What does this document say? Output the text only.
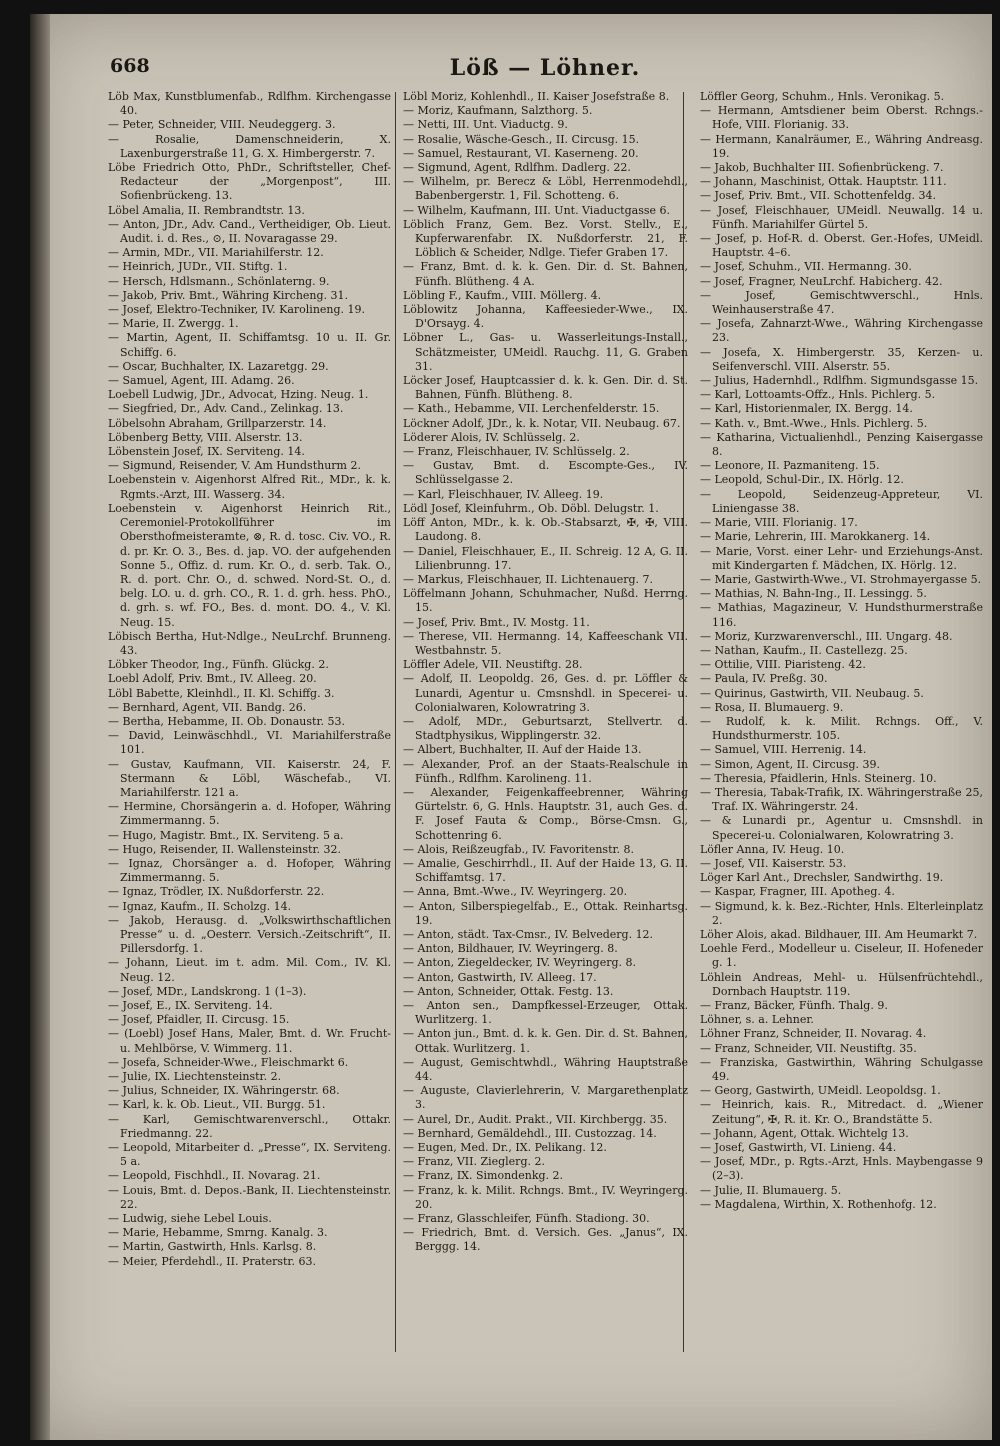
668	Löß — Löhner.

Löb Max, Kunstblumenfab., Rdlfhm. Kirchengasse 40.

— Peter, Schneider, VIII. Neudeggerg. 3.

— Rosalie, Damenschneiderin, X. Laxenburgerstraße 11, G. X. Himbergerstr. 7.

Löbe Friedrich Otto, PhDr., Schriftsteller, Chef-Redacteur der „Morgenpost“, III. Sofienbrückeng. 13.

Löbel Amalia, II. Rembrandtstr. 13.

— Anton, JDr., Adv. Cand., Vertheidiger, Ob. Lieut. Audit. i. d. Res., ⊙, II. Novaragasse 29.

— Armin, MDr., VII. Mariahilferstr. 12.

— Heinrich, JUDr., VII. Stiftg. 1.

— Hersch, Hdlsmann., Schönlaterng. 9.

— Jakob, Priv. Bmt., Währing Kircheng. 31.

— Josef, Elektro-Techniker, IV. Karolineng. 19.

— Marie, II. Zwergg. 1.

— Martin, Agent, II. Schiffamtsg. 10 u. II. Gr. Schiffg. 6.

— Oscar, Buchhalter, IX. Lazaretgg. 29.

— Samuel, Agent, III. Adamg. 26.

Loebell Ludwig, JDr., Advocat, Hzing. Neug. 1.

— Siegfried, Dr., Adv. Cand., Zelinkag. 13.

Löbelsohn Abraham, Grillparzerstr. 14.

Löbenberg Betty, VIII. Alserstr. 13.

Löbenstein Josef, IX. Serviteng. 14.

— Sigmund, Reisender, V. Am Hundsthurm 2.

Loebenstein v. Aigenhorst Alfred Rit., MDr., k. k. Rgmts.-Arzt, III. Wasserg. 34.

Loebenstein v. Aigenhorst Heinrich Rit., Ceremoniel-Protokollführer im Obersthofmeisteramte, ⊗, R. d. tosc. Civ. VO., R. d. pr. Kr. O. 3., Bes. d. jap. VO. der aufgehenden Sonne 5., Offiz. d. rum. Kr. O., d. serb. Tak. O., R. d. port. Chr. O., d. schwed. Nord-St. O., d. belg. LO. u. d. grh. CO., R. 1. d. grh. hess. PhO., d. grh. s. wf. FO., Bes. d. mont. DO. 4., V. Kl. Neug. 15.

Löbisch Bertha, Hut-Ndlge., NeuLrchf. Brunneng. 43.

Löbker Theodor, Ing., Fünfh. Glückg. 2.

Loebl Adolf, Priv. Bmt., IV. Alleeg. 20.

Löbl Babette, Kleinhdl., II. Kl. Schiffg. 3.

— Bernhard, Agent, VII. Bandg. 26.

— Bertha, Hebamme, II. Ob. Donaustr. 53.

— David, Leinwäschhdl., VI. Mariahilferstraße 101.

— Gustav, Kaufmann, VII. Kaiserstr. 24, F. Stermann & Löbl, Wäschefab., VI. Mariahilferstr. 121 a.

— Hermine, Chorsängerin a. d. Hofoper, Währing Zimmermanng. 5.

— Hugo, Magistr. Bmt., IX. Serviteng. 5 a.

— Hugo, Reisender, II. Wallensteinstr. 32.

— Ignaz, Chorsänger a. d. Hofoper, Währing Zimmermanng. 5.

— Ignaz, Trödler, IX. Nußdorferstr. 22.

— Ignaz, Kaufm., II. Scholzg. 14.

— Jakob, Herausg. d. „Volkswirthschaftlichen Presse“ u. d. „Oesterr. Versich.-Zeitschrift“, II. Pillersdorfg. 1.

— Johann, Lieut. im t. adm. Mil. Com., IV. Kl. Neug. 12.

— Josef, MDr., Landskrong. 1 (1–3).

— Josef, E., IX. Serviteng. 14.

— Josef, Pfaidler, II. Circusg. 15.

— (Loebl) Josef Hans, Maler, Bmt. d. Wr. Frucht- u. Mehlbörse, V. Wimmerg. 11.

— Josefa, Schneider-Wwe., Fleischmarkt 6.

— Julie, IX. Liechtensteinstr. 2.

— Julius, Schneider, IX. Währingerstr. 68.

— Karl, k. k. Ob. Lieut., VII. Burgg. 51.

— Karl, Gemischtwarenverschl., Ottakr. Friedmanng. 22.

— Leopold, Mitarbeiter d. „Presse“, IX. Serviteng. 5 a.

— Leopold, Fischhdl., II. Novarag. 21.

— Louis, Bmt. d. Depos.-Bank, II. Liechtensteinstr. 22.

— Ludwig, siehe Lebel Louis.

— Marie, Hebamme, Smrng. Kanalg. 3.

— Martin, Gastwirth, Hnls. Karlsg. 8.

— Meier, Pferdehdl., II. Praterstr. 63.

Löbl Moriz, Kohlenhdl., II. Kaiser Josefstraße 8.

— Moriz, Kaufmann, Salzthorg. 5.

— Netti, III. Unt. Viaductg. 9.

— Rosalie, Wäsche-Gesch., II. Circusg. 15.

— Samuel, Restaurant, VI. Kaserneng. 20.

— Sigmund, Agent, Rdlfhm. Dadlerg. 22.

— Wilhelm, pr. Berecz & Löbl, Herrenmodehdl., Babenbergerstr. 1, Fil. Schotteng. 6.

— Wilhelm, Kaufmann, III. Unt. Viaductgasse 6.

Löblich Franz, Gem. Bez. Vorst. Stellv., E., Kupferwarenfabr. IX. Nußdorferstr. 21, F. Löblich & Scheider, Ndlge. Tiefer Graben 17.

— Franz, Bmt. d. k. k. Gen. Dir. d. St. Bahnen, Fünfh. Blütheng. 4 A.

Löbling F., Kaufm., VIII. Möllerg. 4.

Löblowitz Johanna, Kaffeesieder-Wwe., IX. D'Orsayg. 4.

Löbner L., Gas- u. Wasserleitungs-Install., Schätzmeister, UMeidl. Rauchg. 11, G. Graben 31.

Löcker Josef, Hauptcassier d. k. k. Gen. Dir. d. St. Bahnen, Fünfh. Blütheng. 8.

— Kath., Hebamme, VII. Lerchenfelderstr. 15.

Löckner Adolf, JDr., k. k. Notar, VII. Neubaug. 67.

Löderer Alois, IV. Schlüsselg. 2.

— Franz, Fleischhauer, IV. Schlüsselg. 2.

— Gustav, Bmt. d. Escompte-Ges., IV. Schlüsselgasse 2.

— Karl, Fleischhauer, IV. Alleeg. 19.

Lödl Josef, Kleinfuhrm., Ob. Döbl. Delugstr. 1.

Löff Anton, MDr., k. k. Ob.-Stabsarzt, ✠, ✠, VIII. Laudong. 8.

— Daniel, Fleischhauer, E., II. Schreig. 12 A, G. II. Lilienbrunng. 17.

— Markus, Fleischhauer, II. Lichtenauerg. 7.

Löffelmann Johann, Schuhmacher, Nußd. Herrng. 15.

— Josef, Priv. Bmt., IV. Mostg. 11.

— Therese, VII. Hermanng. 14, Kaffeeschank VII. Westbahnstr. 5.

Löffler Adele, VII. Neustiftg. 28.

— Adolf, II. Leopoldg. 26, Ges. d. pr. Löffler & Lunardi, Agentur u. Cmsnshdl. in Specerei- u. Colonialwaren, Kolowratring 3.

— Adolf, MDr., Geburtsarzt, Stellvertr. d. Stadtphysikus, Wipplingerstr. 32.

— Albert, Buchhalter, II. Auf der Haide 13.

— Alexander, Prof. an der Staats-Realschule in Fünfh., Rdlfhm. Karolineng. 11.

— Alexander, Feigenkaffeebrenner, Währing Gürtelstr. 6, G. Hnls. Hauptstr. 31, auch Ges. d. F. Josef Fauta & Comp., Börse-Cmsn. G., Schottenring 6.

— Alois, Reißzeugfab., IV. Favoritenstr. 8.

— Amalie, Geschirrhdl., II. Auf der Haide 13, G. II. Schiffamtsg. 17.

— Anna, Bmt.-Wwe., IV. Weyringerg. 20.

— Anton, Silberspiegelfab., E., Ottak. Reinhartsg. 19.

— Anton, städt. Tax-Cmsr., IV. Belvederg. 12.

— Anton, Bildhauer, IV. Weyringerg. 8.

— Anton, Ziegeldecker, IV. Weyringerg. 8.

— Anton, Gastwirth, IV. Alleeg. 17.

— Anton, Schneider, Ottak. Festg. 13.

— Anton sen., Dampfkessel-Erzeuger, Ottak. Wurlitzerg. 1.

— Anton jun., Bmt. d. k. k. Gen. Dir. d. St. Bahnen, Ottak. Wurlitzerg. 1.

— August, Gemischtwhdl., Währing Hauptstraße 44.

— Auguste, Clavierlehrerin, V. Margarethenplatz 3.

— Aurel, Dr., Audit. Prakt., VII. Kirchbergg. 35.

— Bernhard, Gemäldehdl., III. Custozzag. 14.

— Eugen, Med. Dr., IX. Pelikang. 12.

— Franz, VII. Zieglerg. 2.

— Franz, IX. Simondenkg. 2.

— Franz, k. k. Milit. Rchngs. Bmt., IV. Weyringerg. 20.

— Franz, Glasschleifer, Fünfh. Stadiong. 30.

— Friedrich, Bmt. d. Versich. Ges. „Janus“, IX. Berggg. 14.

Löffler Georg, Schuhm., Hnls. Veronikag. 5.

— Hermann, Amtsdiener beim Oberst. Rchngs.-Hofe, VIII. Florianig. 33.

— Hermann, Kanalräumer, E., Währing Andreasg. 19.

— Jakob, Buchhalter III. Sofienbrückeng. 7.

— Johann, Maschinist, Ottak. Hauptstr. 111.

— Josef, Priv. Bmt., VII. Schottenfeldg. 34.

— Josef, Fleischhauer, UMeidl. Neuwallg. 14 u. Fünfh. Mariahilfer Gürtel 5.

— Josef, p. Hof-R. d. Oberst. Ger.-Hofes, UMeidl. Hauptstr. 4–6.

— Josef, Schuhm., VII. Hermanng. 30.

— Josef, Fragner, NeuLrchf. Habicherg. 42.

— Josef, Gemischtwverschl., Hnls. Weinhauserstraße 47.

— Josefa, Zahnarzt-Wwe., Währing Kirchengasse 23.

— Josefa, X. Himbergerstr. 35, Kerzen- u. Seifenverschl. VIII. Alserstr. 55.

— Julius, Hadernhdl., Rdlfhm. Sigmundsgasse 15.

— Karl, Lottoamts-Offz., Hnls. Pichlerg. 5.

— Karl, Historienmaler, IX. Bergg. 14.

— Kath. v., Bmt.-Wwe., Hnls. Pichlerg. 5.

— Katharina, Victualienhdl., Penzing Kaisergasse 8.

— Leonore, II. Pazmaniteng. 15.

— Leopold, Schul-Dir., IX. Hörlg. 12.

— Leopold, Seidenzeug-Appreteur, VI. Liniengasse 38.

— Marie, VIII. Florianig. 17.

— Marie, Lehrerin, III. Marokkanerg. 14.

— Marie, Vorst. einer Lehr- und Erziehungs-Anst. mit Kindergarten f. Mädchen, IX. Hörlg. 12.

— Marie, Gastwirth-Wwe., VI. Strohmayergasse 5.

— Mathias, N. Bahn-Ing., II. Lessingg. 5.

— Mathias, Magazineur, V. Hundsthurmerstraße 116.

— Moriz, Kurzwarenverschl., III. Ungarg. 48.

— Nathan, Kaufm., II. Castellezg. 25.

— Ottilie, VIII. Piaristeng. 42.

— Paula, IV. Preßg. 30.

— Quirinus, Gastwirth, VII. Neubaug. 5.

— Rosa, II. Blumauerg. 9.

— Rudolf, k. k. Milit. Rchngs. Off., V. Hundsthurmerstr. 105.

— Samuel, VIII. Herrenig. 14.

— Simon, Agent, II. Circusg. 39.

— Theresia, Pfaidlerin, Hnls. Steinerg. 10.

— Theresia, Tabak-Trafik, IX. Währingerstraße 25, Traf. IX. Währingerstr. 24.

— & Lunardi pr., Agentur u. Cmsnshdl. in Specerei-u. Colonialwaren, Kolowratring 3.

Löfler Anna, IV. Heug. 10.

— Josef, VII. Kaiserstr. 53.

Löger Karl Ant., Drechsler, Sandwirthg. 19.

— Kaspar, Fragner, III. Apotheg. 4.

— Sigmund, k. k. Bez.-Richter, Hnls. Elterleinplatz 2.

Löher Alois, akad. Bildhauer, III. Am Heumarkt 7.

Loehle Ferd., Modelleur u. Ciseleur, II. Hofeneder g. 1.

Löhlein Andreas, Mehl- u. Hülsenfrüchtehdl., Dornbach Hauptstr. 119.

— Franz, Bäcker, Fünfh. Thalg. 9.

Löhner, s. a. Lehner.

Löhner Franz, Schneider, II. Novarag. 4.

— Franz, Schneider, VII. Neustiftg. 35.

— Franziska, Gastwirthin, Währing Schulgasse 49.

— Georg, Gastwirth, UMeidl. Leopoldsg. 1.

— Heinrich, kais. R., Mitredact. d. „Wiener Zeitung“, ✠, R. it. Kr. O., Brandstätte 5.

— Johann, Agent, Ottak. Wichtelg 13.

— Josef, Gastwirth, VI. Linieng. 44.

— Josef, MDr., p. Rgts.-Arzt, Hnls. Maybengasse 9 (2–3).

— Julie, II. Blumauerg. 5.

— Magdalena, Wirthin, X. Rothenhofg. 12.
